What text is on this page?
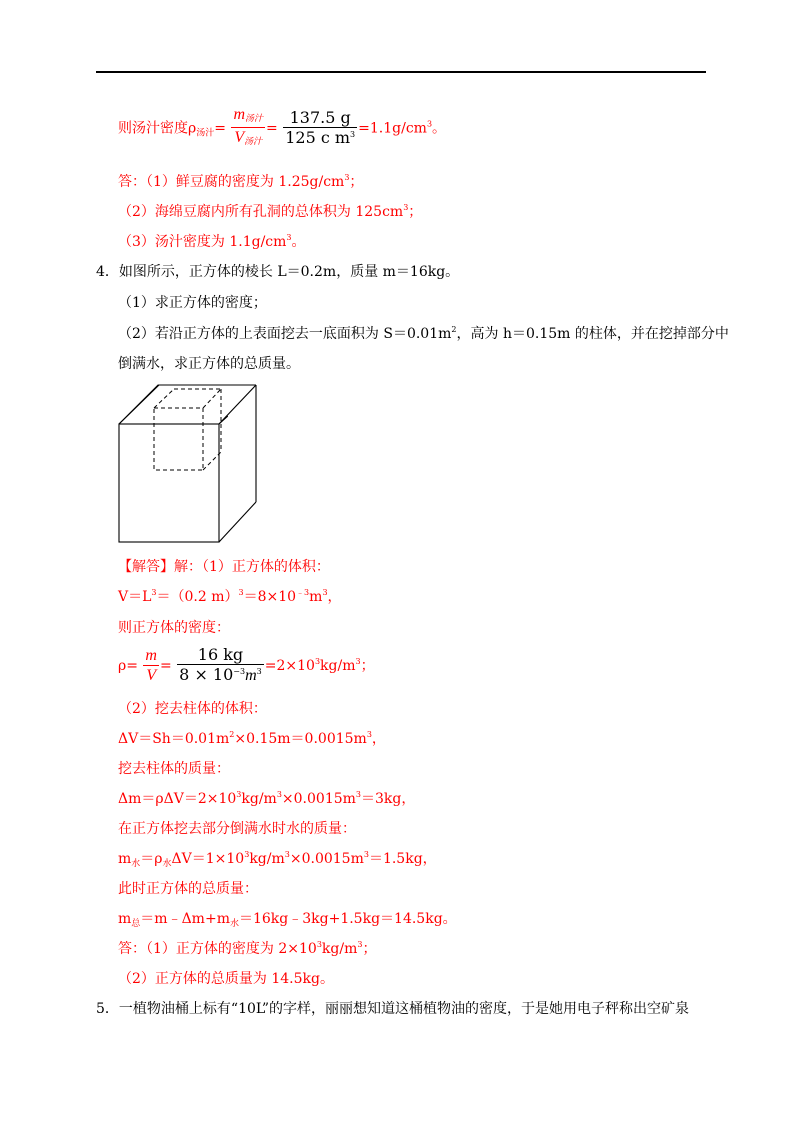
则汤汁密度$\rho_{汤汁}= \frac{\text{m汤汁}}{\text{V汤汁}} = \frac{137.5 g}{125 c m^3} =1.1g/cm^3$。
答：（1）鲜豆腐的密度为 $1.25g/cm^3$；
（2）海绵豆腐内所有孔洞的总体积为 $125cm^3$；
（3）汤汁密度为 $1.1g/cm^3$。
4．如图所示，正方体的棱长 L＝0.2m，质量 m＝16kg。
（1）求正方体的密度；
（2）若沿正方体的上表面挖去一底面积为 $S=0.01m^2$，高为 h＝0.15m 的柱体，并在挖掉部分中
倒满水，求正方体的总质量。
【解答】解：（1）正方体的体积：
$V=L^3=(0.2$ $m)^3=8\times 10^{﹣3}m^3$，
则正方体的密度：
$\rho= \frac{m}{V} = \frac{16 kg}{8 \times 10^{-3}m^3} =2\times 10^3kg/m^3$；
（2）挖去柱体的体积：
$\Delta V=Sh=0.01m^2\times 0.15m=0.0015m^3$，
挖去柱体的质量：
$\Delta m=\rho\Delta V=2\times 10^3kg/m^3\times 0.0015m^3=3kg$，
在正方体挖去部分倒满水时水的质量：
$m_水=\rho_水\Delta V=1\times 10^3kg/m^3\times 0.0015m^3=1.5kg$，
此时正方体的总质量：
$m_总=m﹣\Delta m+m_水=16kg﹣3kg+1.5kg=14.5kg$。
答：（1）正方体的密度为 $2\times 10^3kg/m^3$；
（2）正方体的总质量为 14.5kg。
5．一植物油桶上标有“10L”的字样，丽丽想知道这桶植物油的密度，于是她用电子秤称出空矿泉
